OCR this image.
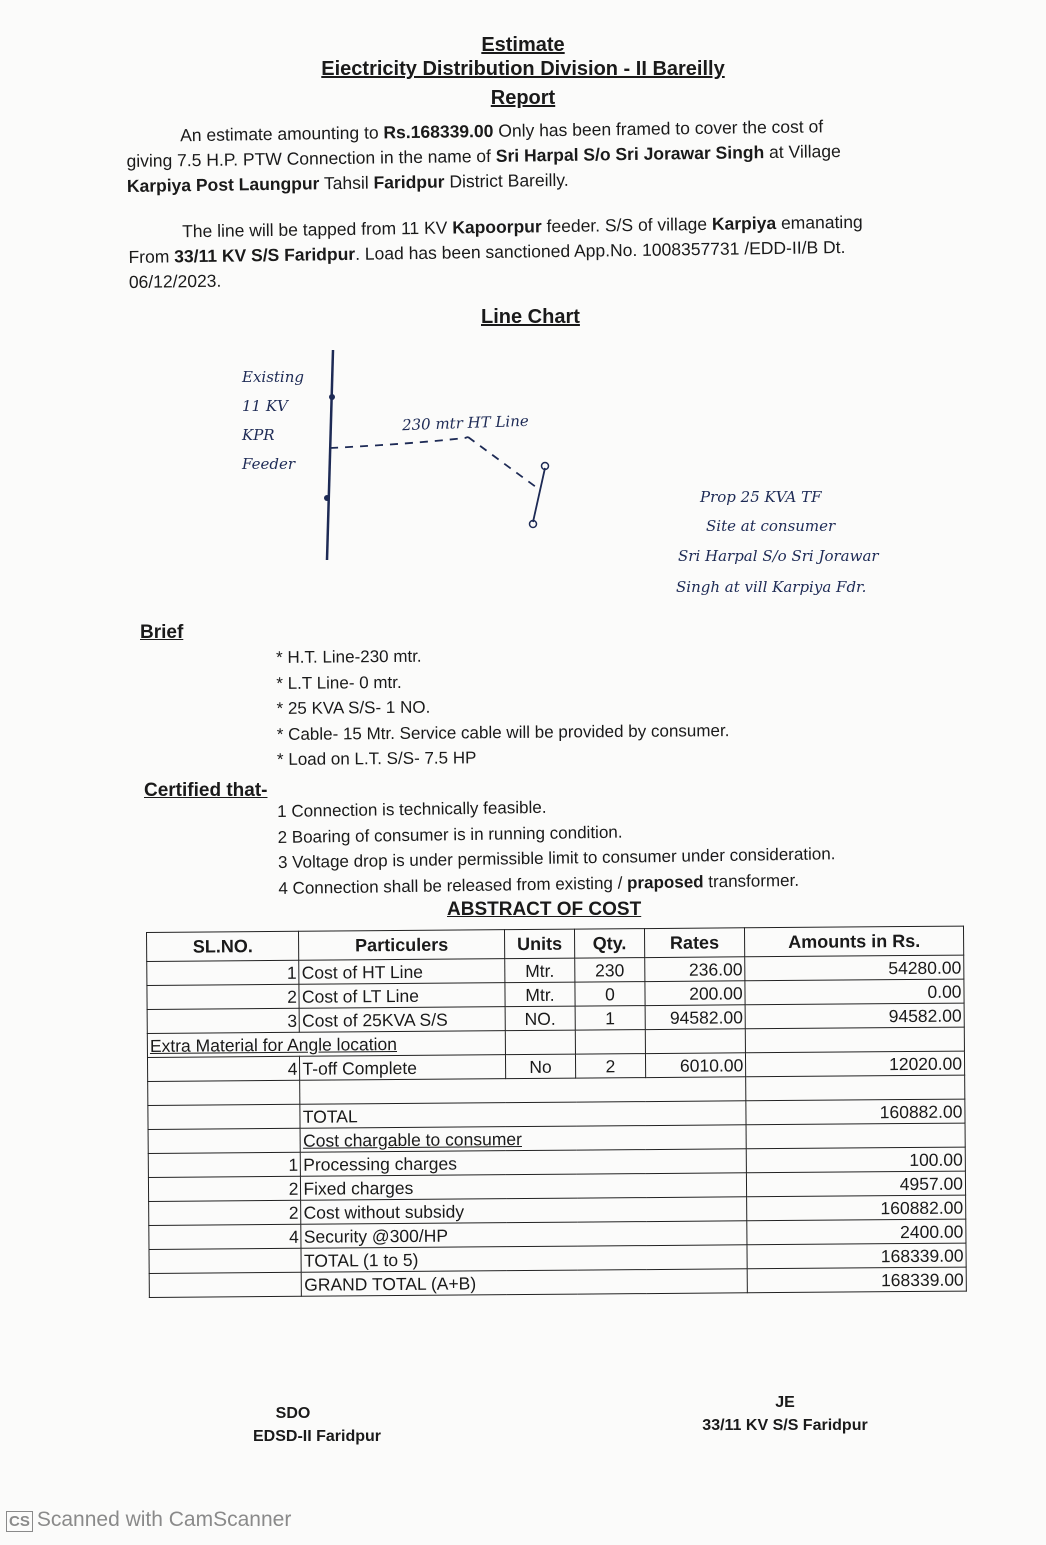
Estimate
Eiectricity Distribution Division - II Bareilly
Report
An estimate amounting to Rs.168339.00 Only has been framed to cover the cost of
giving 7.5 H.P. PTW Connection in the name of Sri Harpal S/o Sri Jorawar Singh at Village
Karpiya Post Laungpur Tahsil Faridpur District Bareilly.
The line will be tapped from 11 KV Kapoorpur feeder. S/S of village Karpiya emanating
From 33/11 KV S/S Faridpur. Load has been sanctioned App.No. 1008357731 /EDD-II/B Dt.
06/12/2023.
Line Chart
Existing
11 KV
KPR
Feeder
230 mtr HT Line
Prop 25 KVA TF
Site at consumer
Sri Harpal S/o Sri Jorawar
Singh at vill Karpiya Fdr.
Brief
* H.T. Line-230 mtr.
* L.T Line- 0 mtr.
* 25 KVA S/S- 1 NO.
* Cable- 15 Mtr. Service cable will be provided by consumer.
* Load on L.T. S/S- 7.5 HP
Certified that-
1 Connection is technically feasible.
2 Boaring of consumer is in running condition.
3 Voltage drop is under permissible limit to consumer under consideration.
4 Connection shall be released from existing / praposed transformer.
ABSTRACT OF COST
SL.NO.	Particulers	Units	Qty.	Rates	Amounts in Rs.
1	Cost of HT Line	Mtr.	230	236.00	54280.00
2	Cost of LT Line	Mtr.	0	200.00	0.00
3	Cost of 25KVA S/S	NO.	1	94582.00	94582.00
Extra Material for Angle location					
4	T-off Complete	No	2	6010.00	12020.00

	TOTAL				160882.00
	Cost chargable to consumer				
1	Processing charges				100.00
2	Fixed charges				4957.00
2	Cost without subsidy				160882.00
4	Security @300/HP				2400.00
	TOTAL (1 to 5)				168339.00
	GRAND TOTAL (A+B)				168339.00
SDO
EDSD-II Faridpur
JE
33/11 KV S/S Faridpur
CS Scanned with CamScanner
